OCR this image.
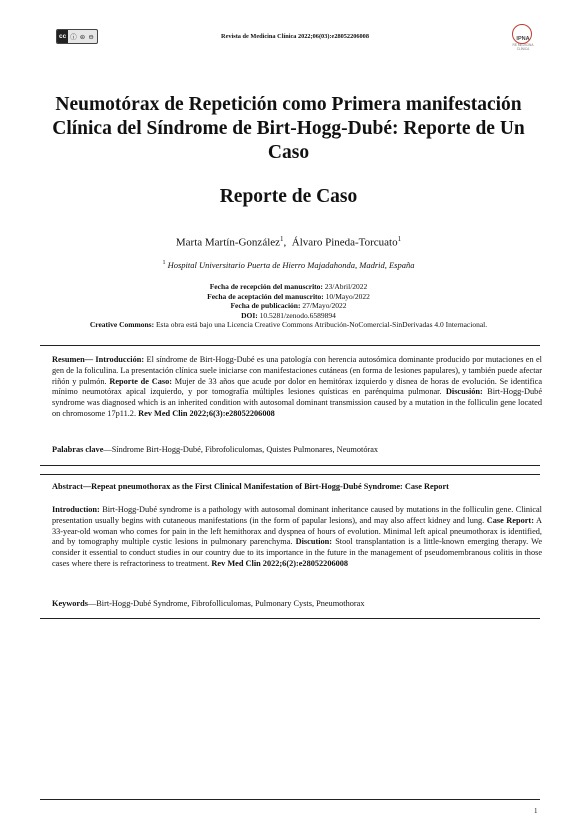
cc ⓘ ⊜ ⊖	Revista de Medicina Clínica 2022;06(03):e28052206008	IPNA
RE MEDICINA CLÍNICA
Neumotórax de Repetición como Primera manifestación Clínica del Síndrome de Birt-Hogg-Dubé: Reporte de Un Caso
Reporte de Caso
Marta Martín-González$^1$,  Álvaro Pineda-Torcuato$^1$
$^1$ Hospital Universitario Puerta de Hierro Majadahonda, Madrid, España
Fecha de recepción del manuscrito: 23/Abril/2022
Fecha de aceptación del manuscrito: 10/Mayo/2022
Fecha de publicación: 27/Mayo/2022
DOI: 10.5281/zenodo.6589894
Creative Commons: Esta obra está bajo una Licencia Creative Commons Atribución-NoComercial-SinDerivadas 4.0 Internacional.
Resumen— Introducción: El síndrome de Birt-Hogg-Dubé es una patología con herencia autosómica dominante producido por mutaciones en el gen de la foliculina. La presentación clínica suele iniciarse con manifestaciones cutáneas (en forma de lesiones papulares), y también puede afectar riñón y pulmón. Reporte de Caso: Mujer de 33 años que acude por dolor en hemitórax izquierdo y disnea de horas de evolución. Se identifica mínimo neumotórax apical izquierdo, y por tomografía múltiples lesiones quísticas en parénquima pulmonar. Discusión: Birt-Hogg-Dubé syndrome was diagnosed which is an inherited condition with autosomal dominant transmission caused by a mutation in the folliculin gene located on chromosome 17p11.2. Rev Med Clin 2022;6(3):e28052206008
Palabras clave—Síndrome Birt-Hogg-Dubé, Fibrofoliculomas, Quistes Pulmonares, Neumotórax
Abstract—Repeat pneumothorax as the First Clinical Manifestation of Birt-Hogg-Dubé Syndrome: Case Report
Introduction: Birt-Hogg-Dubé syndrome is a pathology with autosomal dominant inheritance caused by mutations in the folliculin gene. Clinical presentation usually begins with cutaneous manifestations (in the form of papular lesions), and may also affect kidney and lung. Case Report: A 33-year-old woman who comes for pain in the left hemithorax and dyspnea of hours of evolution. Minimal left apical pneumothorax is identified, and by tomography multiple cystic lesions in pulmonary parenchyma. Discution: Stool transplantation is a little-known emerging therapy. We consider it essential to conduct studies in our country due to its importance in the future in the management of pseudomembranous colitis in those cases where there is refractoriness to treatment. Rev Med Clin 2022;6(2):e28052206008
Keywords—Birt-Hogg-Dubé Syndrome, Fibrofolliculomas, Pulmonary Cysts, Pneumothorax
1
